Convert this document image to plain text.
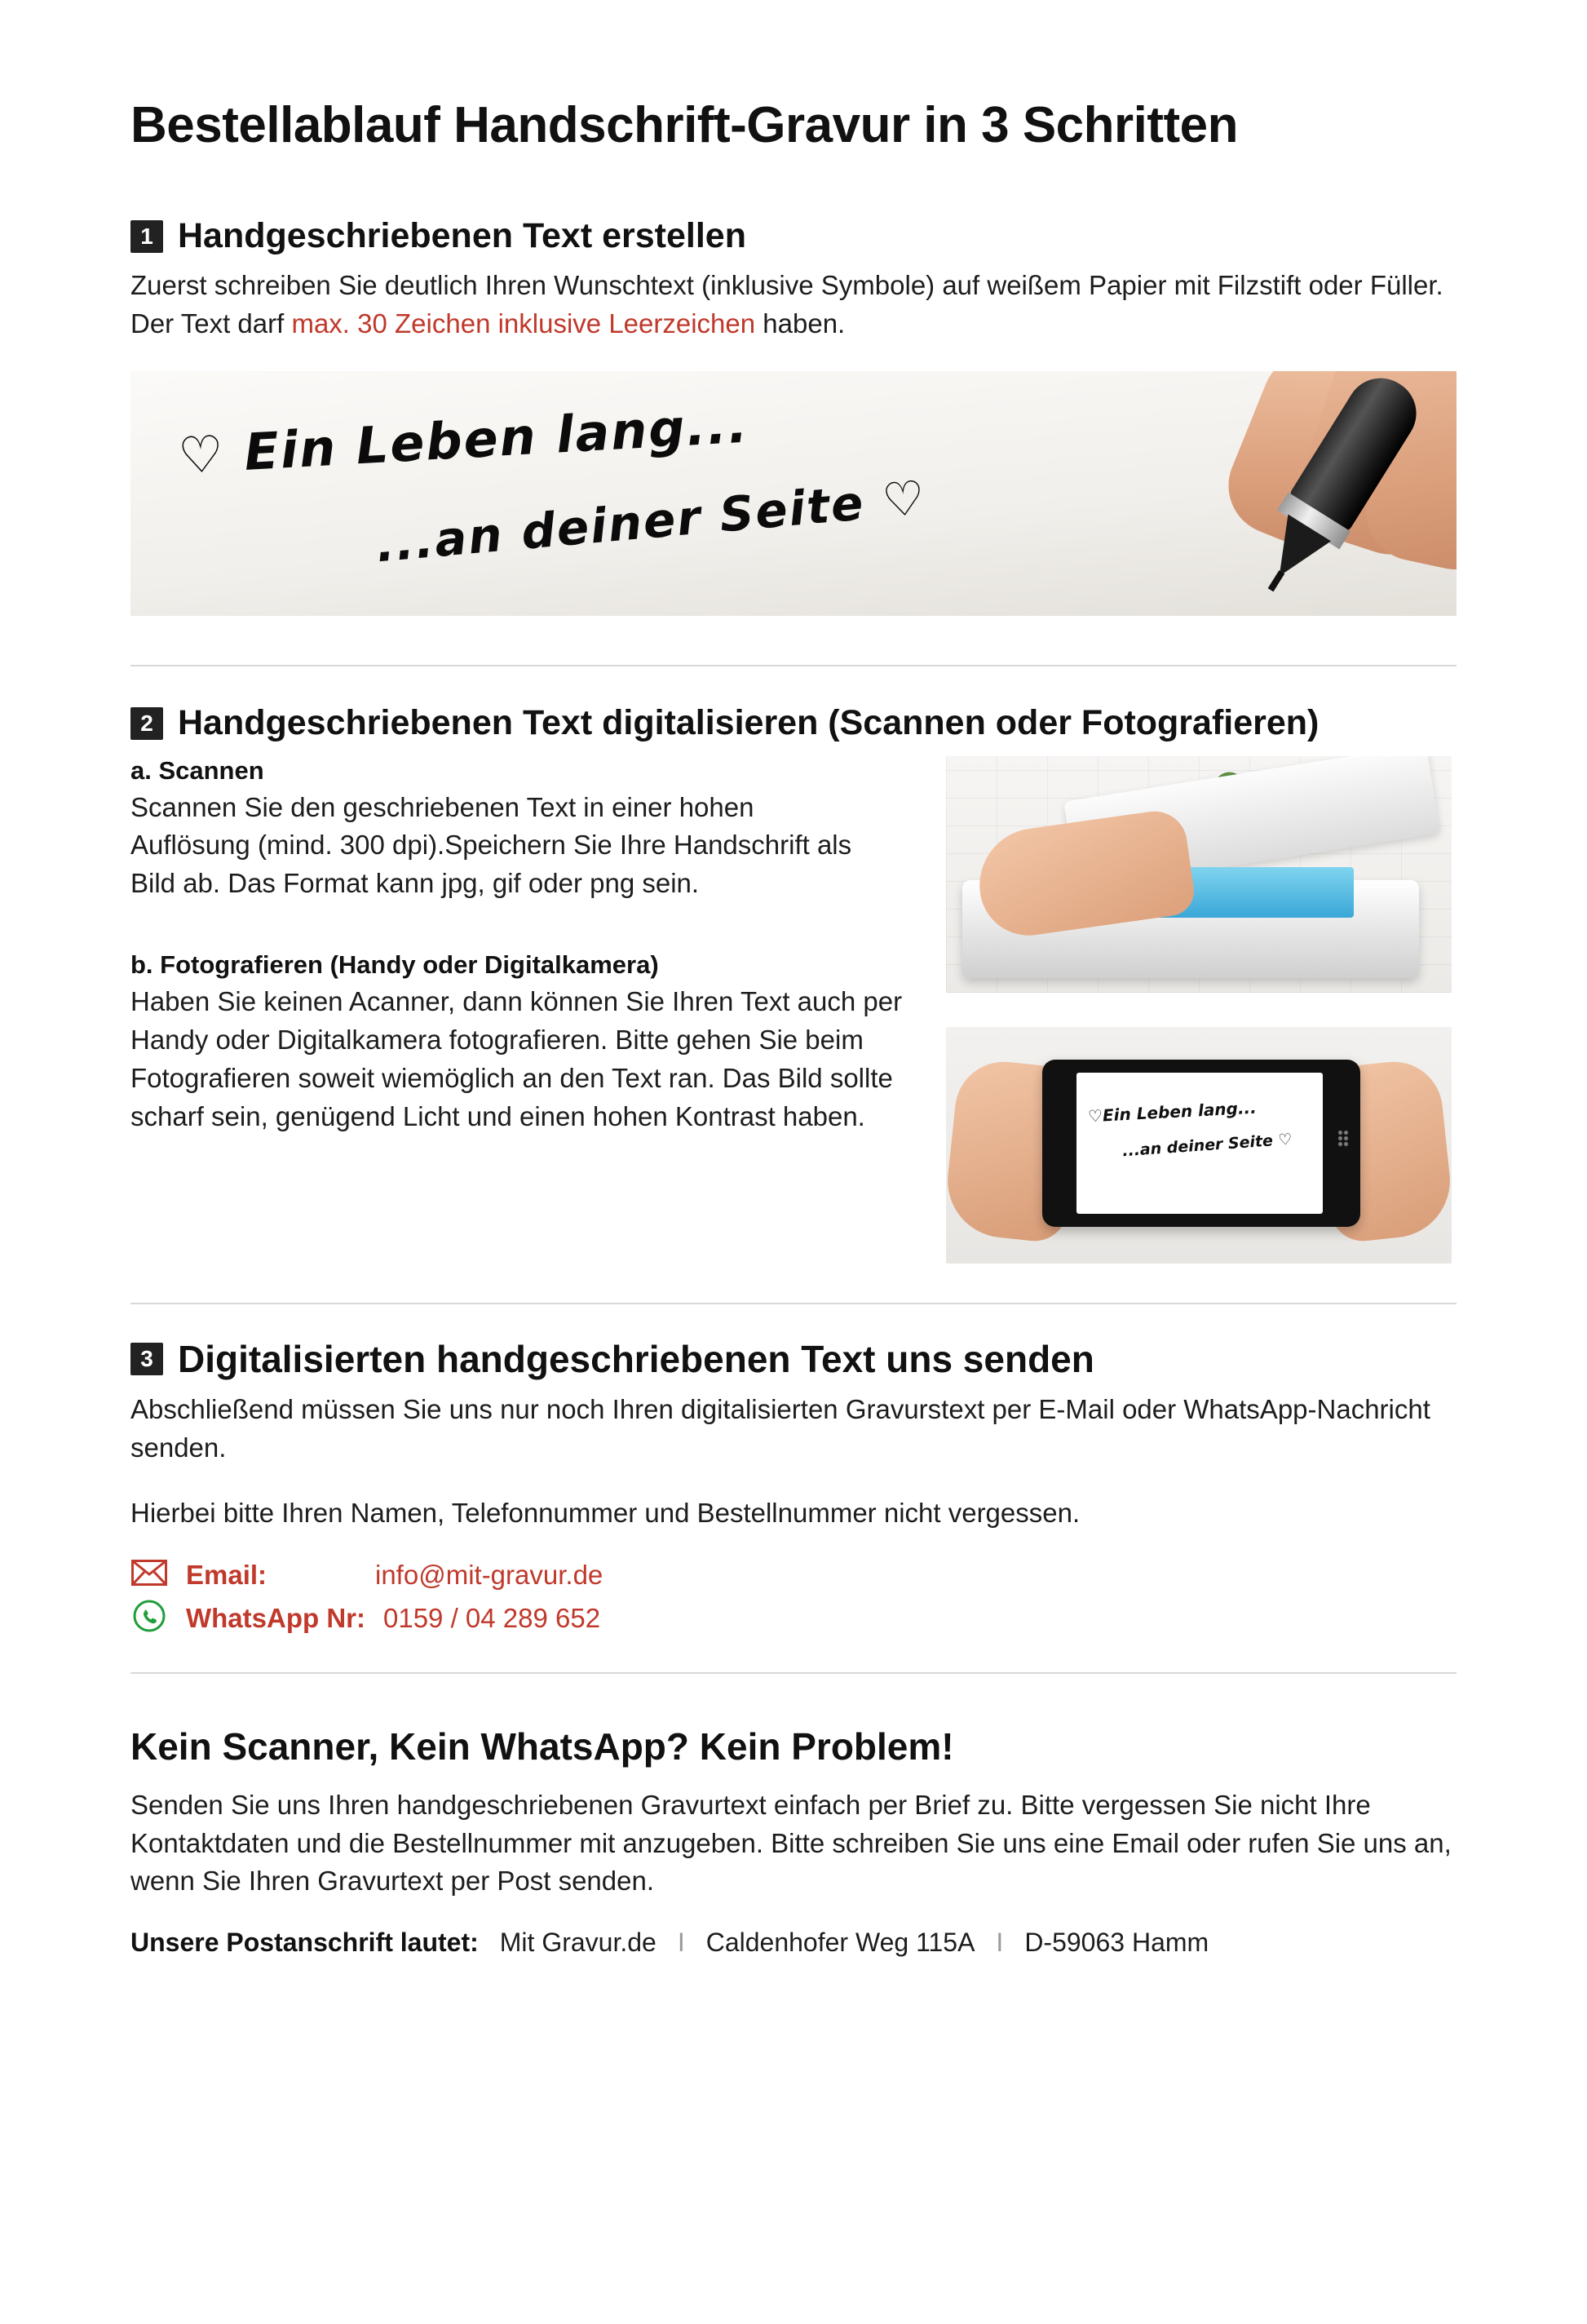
Bestellablauf Handschrift-Gravur in 3 Schritten
1 Handgeschriebenen Text erstellen

Zuerst schreiben Sie deutlich Ihren Wunschtext (inklusive Symbole) auf weißem Papier mit Filzstift oder Füller. Der Text darf max. 30 Zeichen inklusive Leerzeichen haben.

♡ Ein Leben lang...
...an deiner Seite ♡
2 Handgeschriebenen Text digitalisieren (Scannen oder Fotografieren)

a. Scannen

Scannen Sie den geschriebenen Text in einer hohen Auflösung (mind. 300 dpi).Speichern Sie Ihre Handschrift als Bild ab. Das Format kann jpg, gif oder png sein.

b. Fotografieren (Handy oder Digitalkamera)

Haben Sie keinen Acanner, dann können Sie Ihren Text auch per Handy oder Digitalkamera fotografieren. Bitte gehen Sie beim Fotografieren soweit wiemöglich an den Text ran. Das Bild sollte scharf sein, genügend Licht und einen hohen Kontrast haben.	♡Ein Leben lang...
...an deiner Seite ♡
3 Digitalisierten handgeschriebenen Text uns senden

Abschließend müssen Sie uns nur noch Ihren digitalisierten Gravurstext per E-Mail oder WhatsApp-Nachricht senden.

Hierbei bitte Ihren Namen, Telefonnummer und Bestellnummer nicht vergessen.

Email:	info@mit-gravur.de
WhatsApp Nr: 0159 / 04 289 652
Kein Scanner, Kein WhatsApp? Kein Problem!

Senden Sie uns Ihren handgeschriebenen Gravurtext einfach per Brief zu. Bitte vergessen Sie nicht Ihre Kontaktdaten und die Bestellnummer mit anzugeben. Bitte schreiben Sie uns eine Email oder rufen Sie uns an, wenn Sie Ihren Gravurtext per Post senden.

Unsere Postanschrift lautet: Mit Gravur.de I Caldenhofer Weg 115A I D-59063 Hamm
